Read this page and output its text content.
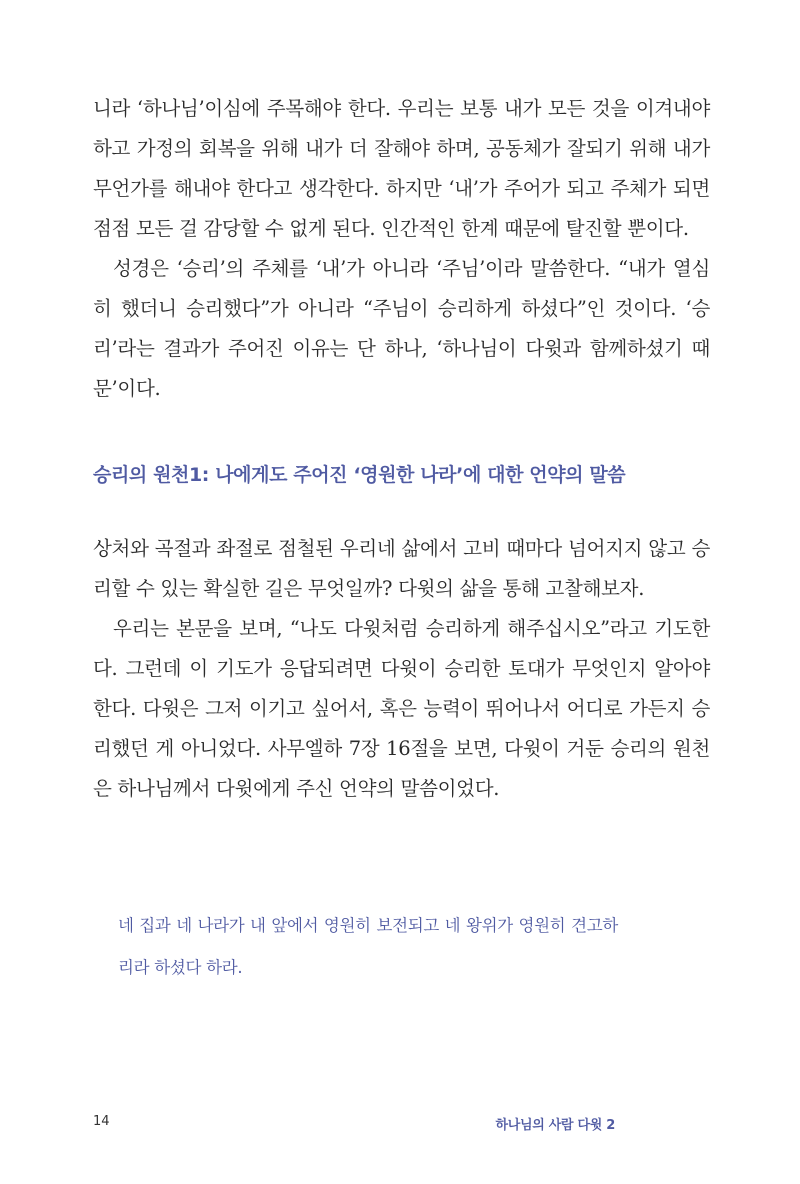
니라 ‘하나님’이심에 주목해야 한다. 우리는 보통 내가 모든 것을 이겨내야 하고 가정의 회복을 위해 내가 더 잘해야 하며, 공동체가 잘되기 위해 내가 무언가를 해내야 한다고 생각한다. 하지만 ‘내’가 주어가 되고 주체가 되면 점점 모든 걸 감당할 수 없게 된다. 인간적인 한계 때문에 탈진할 뿐이다.

성경은 ‘승리’의 주체를 ‘내’가 아니라 ‘주님’이라 말씀한다. “내가 열심히 했더니 승리했다”가 아니라 “주님이 승리하게 하셨다”인 것이다. ‘승리’라는 결과가 주어진 이유는 단 하나, ‘하나님이 다윗과 함께하셨기 때문’이다.

승리의 원천1: 나에게도 주어진 ‘영원한 나라’에 대한 언약의 말씀

상처와 곡절과 좌절로 점철된 우리네 삶에서 고비 때마다 넘어지지 않고 승리할 수 있는 확실한 길은 무엇일까? 다윗의 삶을 통해 고찰해보자.

우리는 본문을 보며, “나도 다윗처럼 승리하게 해주십시오”라고 기도한다. 그런데 이 기도가 응답되려면 다윗이 승리한 토대가 무엇인지 알아야 한다. 다윗은 그저 이기고 싶어서, 혹은 능력이 뛰어나서 어디로 가든지 승리했던 게 아니었다. 사무엘하 7장 16절을 보면, 다윗이 거둔 승리의 원천은 하나님께서 다윗에게 주신 언약의 말씀이었다.

네 집과 네 나라가 내 앞에서 영원히 보전되고 네 왕위가 영원히 견고하리라 하셨다 하라.
14	하나님의 사람 다윗 2
